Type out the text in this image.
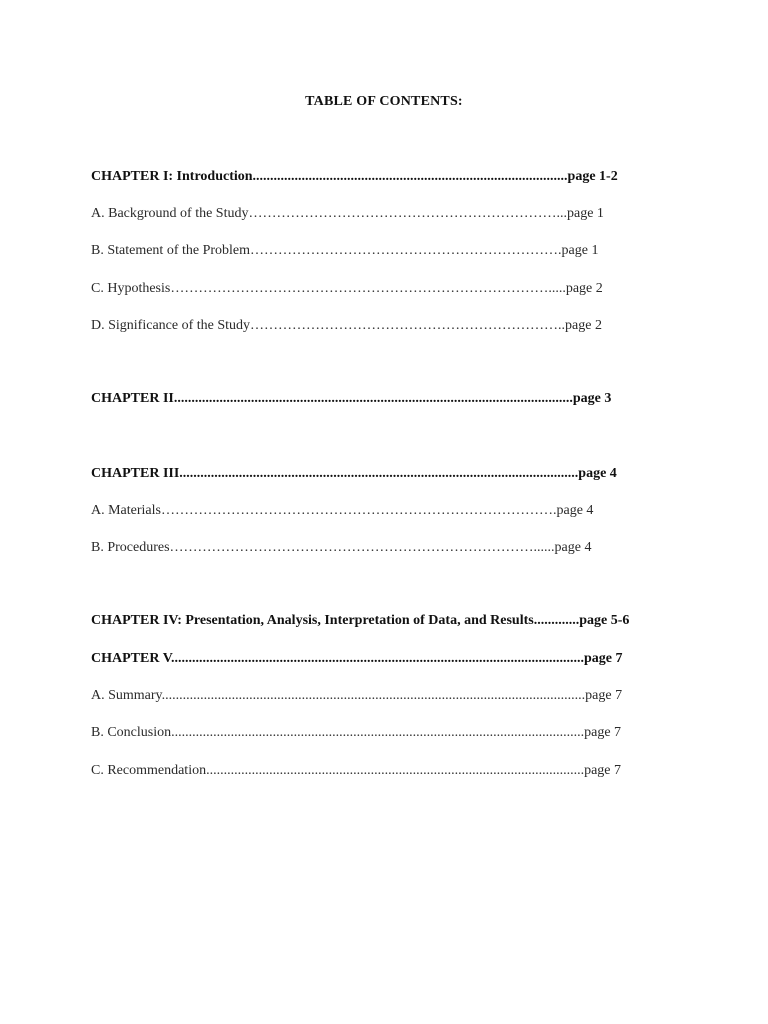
TABLE OF CONTENTS:
CHAPTER I: Introduction..........................................................................................page 1-2
A. Background of the Study…………………………………………………………...page 1
B. Statement of the Problem………………………………………………………….page 1
C. Hypothesis……………………………………………………………………….....page 2
D. Significance of the Study…………………………………………………………..page 2
CHAPTER II..................................................................................................................page 3
CHAPTER III..................................................................................................................page 4
A. Materials………………………………………………………………………….page 4
B. Procedures……………………………………………………………………......page 4
CHAPTER IV: Presentation, Analysis, Interpretation of Data, and Results.............page 5-6
CHAPTER V......................................................................................................................page 7
A. Summary.........................................................................................................................page 7
B. Conclusion......................................................................................................................page 7
C. Recommendation............................................................................................................page 7
